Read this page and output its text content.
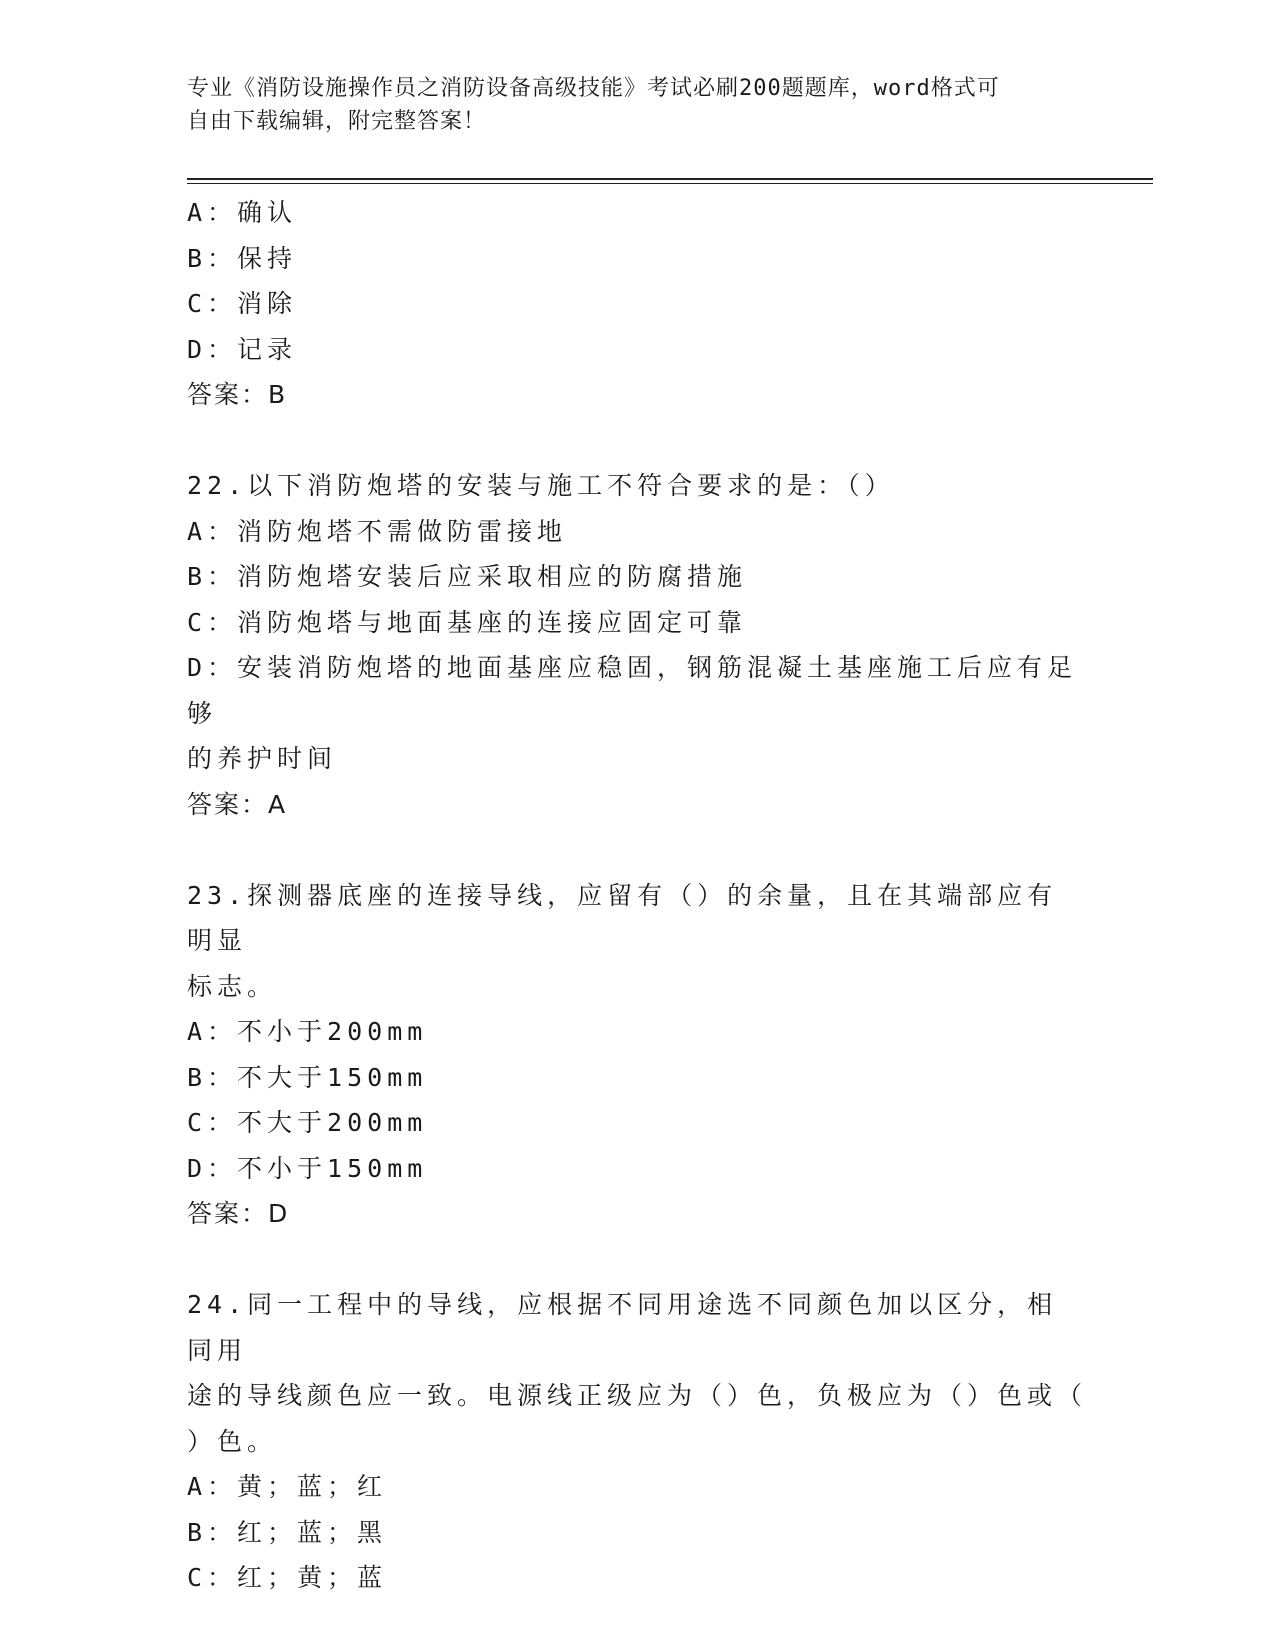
专业《消防设施操作员之消防设备高级技能》考试必刷200题题库，word格式可
自由下载编辑，附完整答案！
A：确认
B：保持
C：消除
D：记录
答案：B
22.以下消防炮塔的安装与施工不符合要求的是：（）
A：消防炮塔不需做防雷接地
B：消防炮塔安装后应采取相应的防腐措施
C：消防炮塔与地面基座的连接应固定可靠
D：安装消防炮塔的地面基座应稳固，钢筋混凝土基座施工后应有足够
的养护时间
答案：A
23.探测器底座的连接导线，应留有（）的余量，且在其端部应有明显
标志。
A：不小于200mm
B：不大于150mm
C：不大于200mm
D：不小于150mm
答案：D
24.同一工程中的导线，应根据不同用途选不同颜色加以区分，相同用
途的导线颜色应一致。电源线正级应为（）色，负极应为（）色或（
）色。
A：黄；蓝；红
B：红；蓝；黑
C：红；黄；蓝
